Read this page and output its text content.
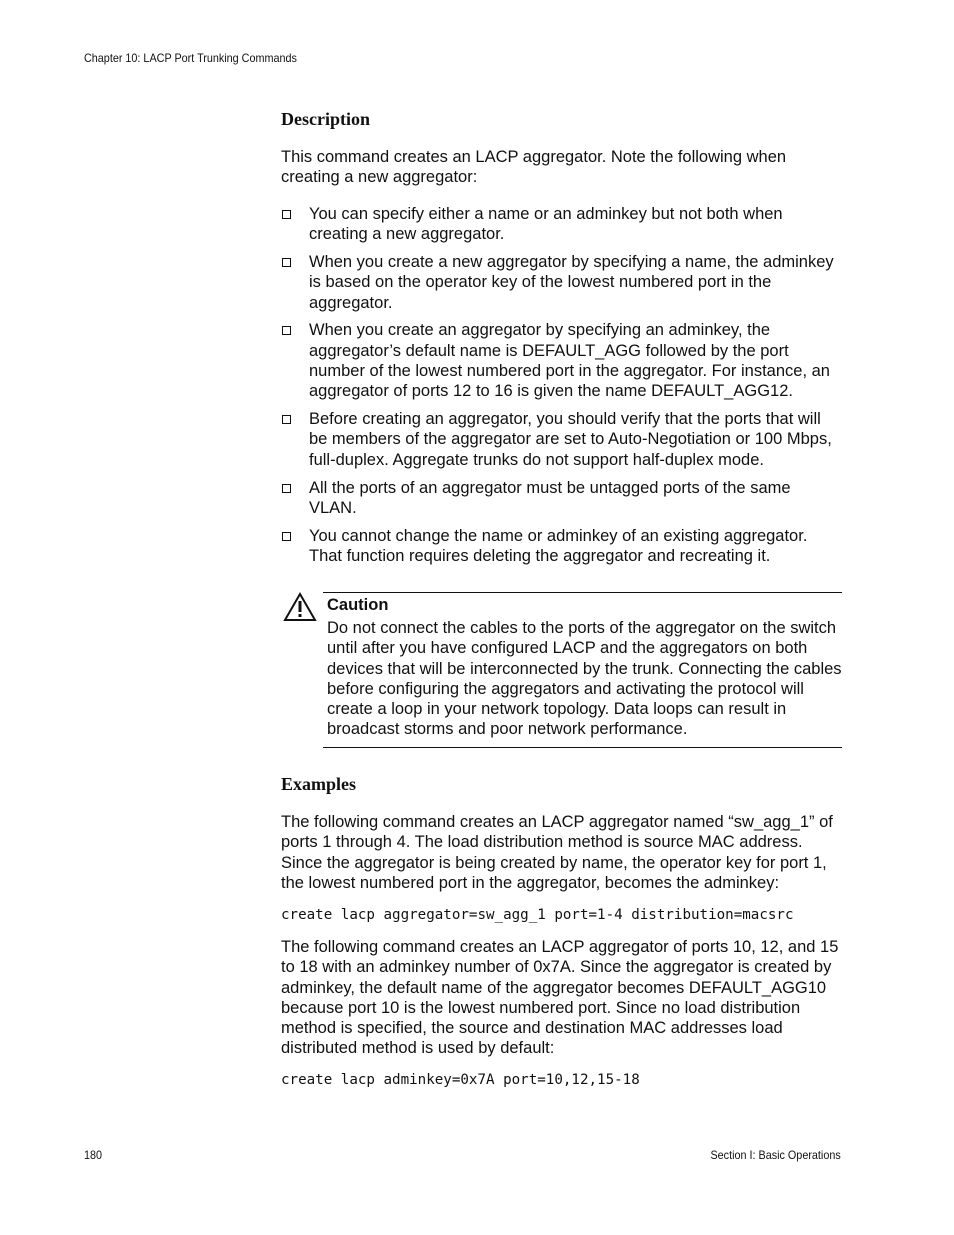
Chapter 10: LACP Port Trunking Commands
Description
This command creates an LACP aggregator. Note the following when creating a new aggregator:
You can specify either a name or an adminkey but not both when creating a new aggregator.
When you create a new aggregator by specifying a name, the adminkey is based on the operator key of the lowest numbered port in the aggregator.
When you create an aggregator by specifying an adminkey, the aggregator’s default name is DEFAULT_AGG followed by the port number of the lowest numbered port in the aggregator. For instance, an aggregator of ports 12 to 16 is given the name DEFAULT_AGG12.
Before creating an aggregator, you should verify that the ports that will be members of the aggregator are set to Auto-Negotiation or 100 Mbps, full-duplex. Aggregate trunks do not support half-duplex mode.
All the ports of an aggregator must be untagged ports of the same VLAN.
You cannot change the name or adminkey of an existing aggregator. That function requires deleting the aggregator and recreating it.
Caution
Do not connect the cables to the ports of the aggregator on the switch until after you have configured LACP and the aggregators on both devices that will be interconnected by the trunk. Connecting the cables before configuring the aggregators and activating the protocol will create a loop in your network topology. Data loops can result in broadcast storms and poor network performance.
Examples
The following command creates an LACP aggregator named “sw_agg_1” of ports 1 through 4. The load distribution method is source MAC address. Since the aggregator is being created by name, the operator key for port 1, the lowest numbered port in the aggregator, becomes the adminkey:
create lacp aggregator=sw_agg_1 port=1-4 distribution=macsrc
The following command creates an LACP aggregator of ports 10, 12, and 15 to 18 with an adminkey number of 0x7A. Since the aggregator is created by adminkey, the default name of the aggregator becomes DEFAULT_AGG10 because port 10 is the lowest numbered port. Since no load distribution method is specified, the source and destination MAC addresses load distributed method is used by default:
create lacp adminkey=0x7A port=10,12,15-18
180	Section I: Basic Operations
